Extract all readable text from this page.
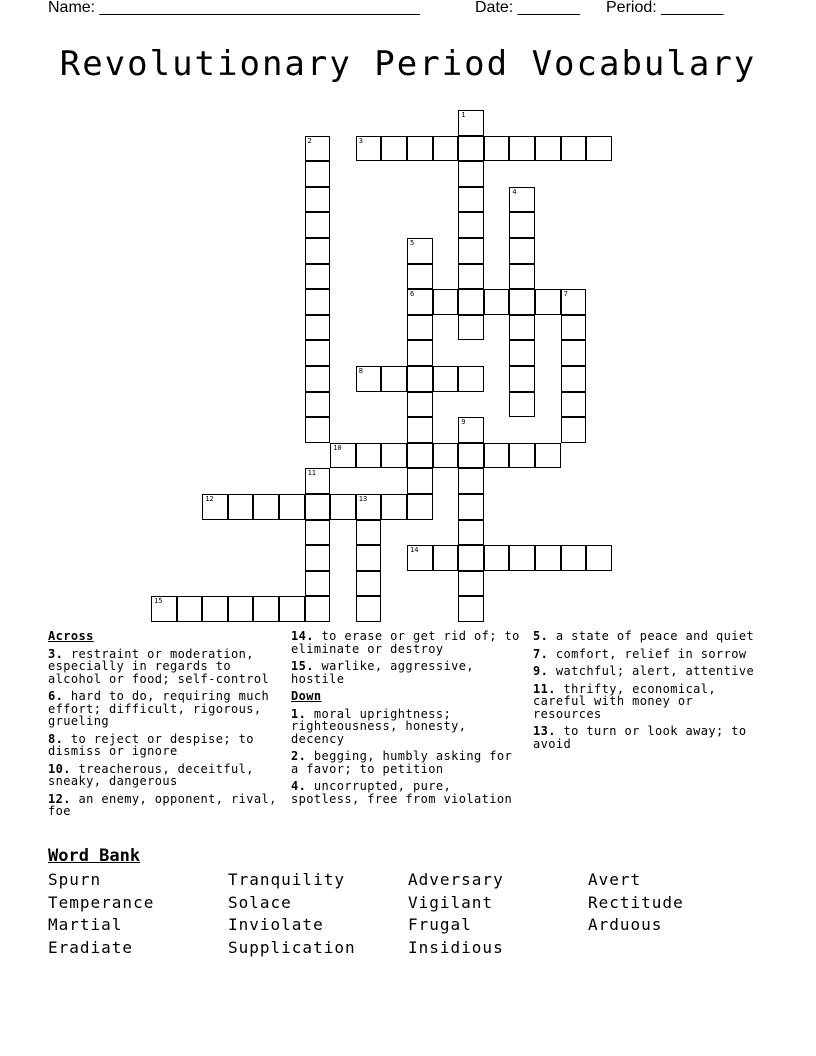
Name: ____________________________________	Date: _______ Period: _______
Revolutionary Period Vocabulary
1
2	3
4
5
6	7
8
9
10
11
12	13
14
15
Across
3. restraint or moderation, especially in regards to alcohol or food; self-control
6. hard to do, requiring much effort; difficult, rigorous, grueling
8. to reject or despise; to dismiss or ignore
10. treacherous, deceitful, sneaky, dangerous
12. an enemy, opponent, rival, foe
14. to erase or get rid of; to eliminate or destroy
15. warlike, aggressive, hostile
Down
1. moral uprightness; righteousness, honesty, decency
2. begging, humbly asking for a favor; to petition
4. uncorrupted, pure, spotless, free from violation
5. a state of peace and quiet
7. comfort, relief in sorrow
9. watchful; alert, attentive
11. thrifty, economical, careful with money or resources
13. to turn or look away; to avoid
Word Bank
Spurn	Tranquility	Adversary	Avert
Temperance	Solace	Vigilant	Rectitude
Martial	Inviolate	Frugal	Arduous
Eradiate	Supplication	Insidious
